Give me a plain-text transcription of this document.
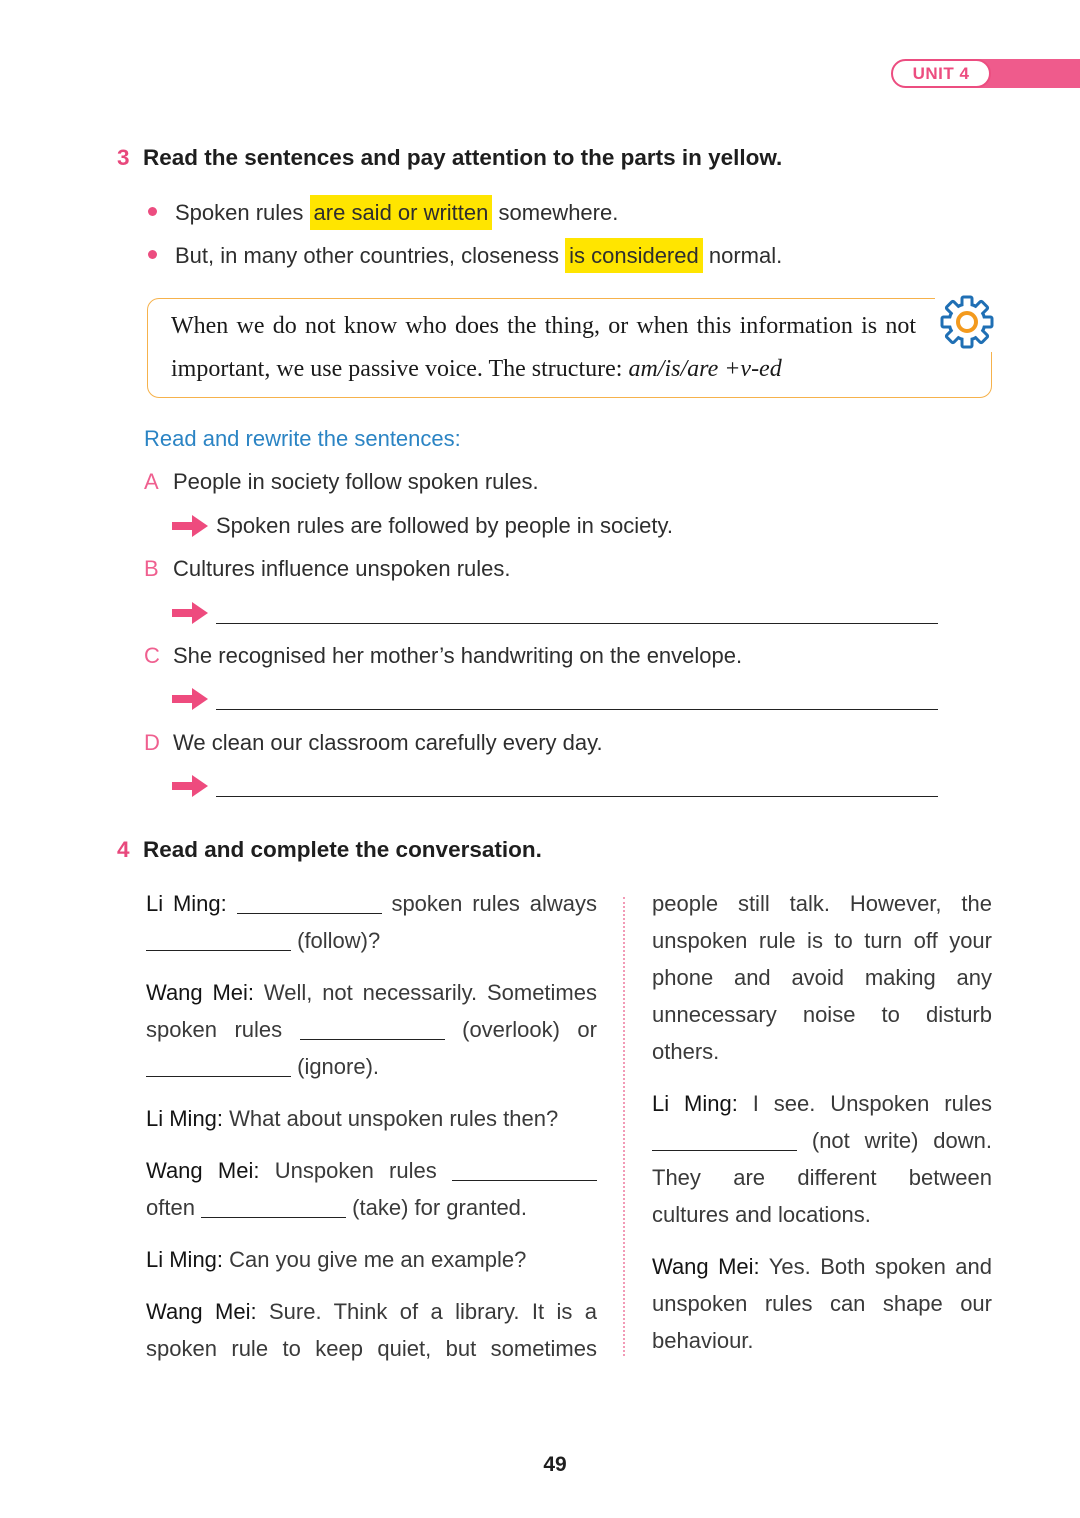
UNIT 4
3 Read the sentences and pay attention to the parts in yellow.
Spoken rules are said or written somewhere.
But, in many other countries, closeness is considered normal.
When we do not know who does the thing, or when this information is not
important, we use passive voice. The structure: am/is/are +v-ed
Read and rewrite the sentences:
A People in society follow spoken rules.
Spoken rules are followed by people in society.
B Cultures influence unspoken rules.
C She recognised her mother’s handwriting on the envelope.
D We clean our classroom carefully every day.
4 Read and complete the conversation.
Li Ming:	spoken rules always
(follow)?
Wang Mei: Well, not necessarily. Sometimes
spoken rules	(overlook) or
(ignore).
Li Ming: What about unspoken rules then?
Wang Mei: Unspoken rules
often	(take) for granted.
Li Ming: Can you give me an example?
Wang Mei: Sure. Think of a library. It is a
spoken rule to keep quiet, but sometimes
people still talk. However, the
unspoken rule is to turn off your
phone and avoid making any
unnecessary noise to disturb
others.
Li Ming: I see. Unspoken rules
(not write) down.
They are different between
cultures and locations.
Wang Mei: Yes. Both spoken and
unspoken rules can shape our
behaviour.
49
